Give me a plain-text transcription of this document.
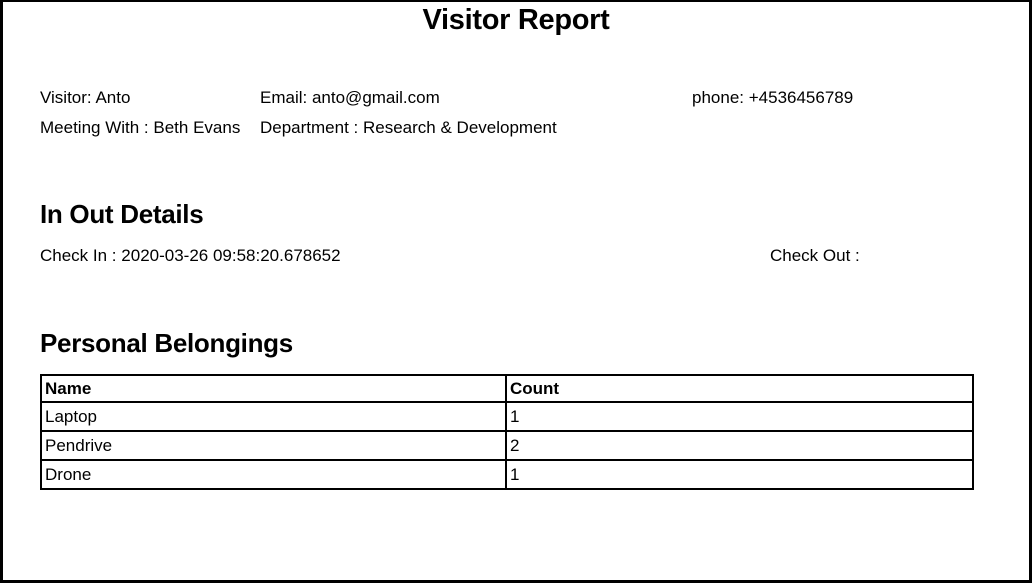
Visitor Report
Visitor: Anto	Email: anto@gmail.com	phone: +4536456789
Meeting With : Beth Evans Department : Research & Development
In Out Details
Check In : 2020-03-26 09:58:20.678652	Check Out :
Personal Belongings
Name	Count
Laptop	1
Pendrive	2
Drone	1
